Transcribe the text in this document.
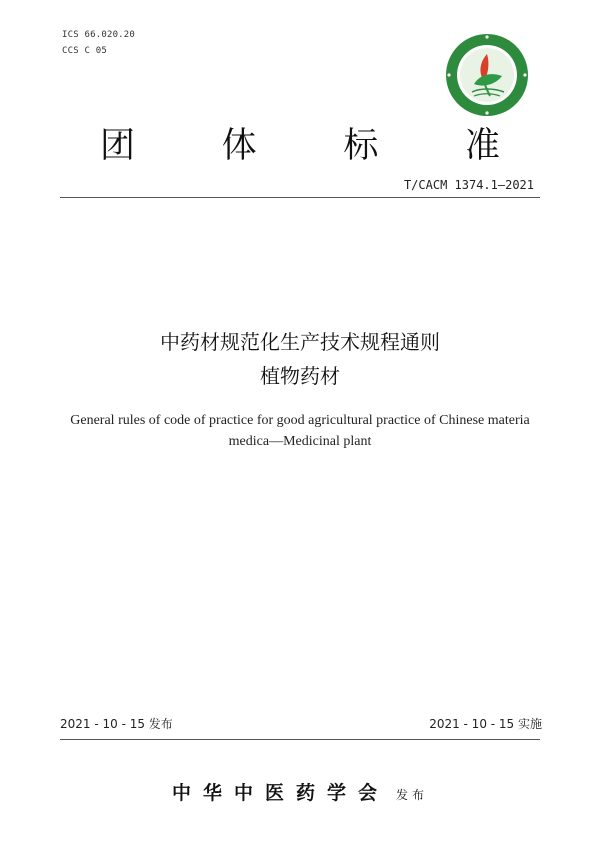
ICS 66.020.20
CCS C 05
团 体 标 准
T/CACM 1374.1—2021
中药材规范化生产技术规程通则
植物药材
General rules of code of practice for good agricultural practice of Chinese materia
medica—Medicinal plant
2021 - 10 - 15 发布	2021 - 10 - 15 实施
中华中医药学会 发布
